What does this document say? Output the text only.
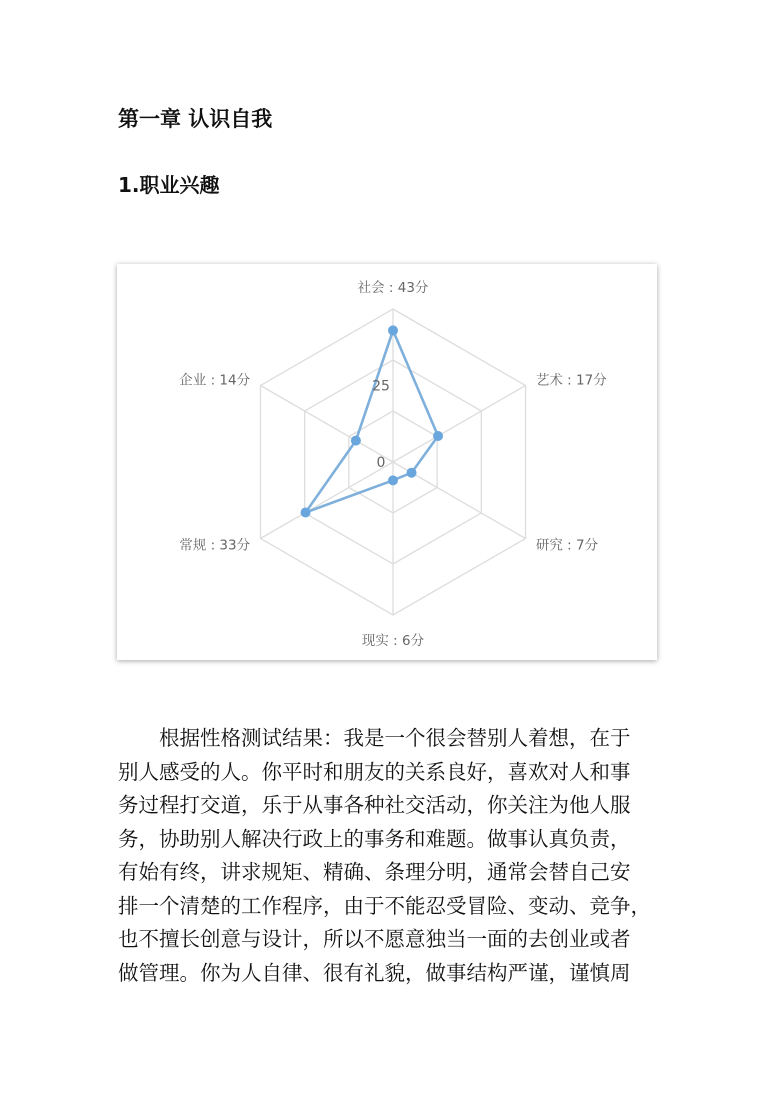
第一章 认识自我
1.职业兴趣
0
25
社会 : 43分
艺术 : 17分
研究 : 7分
现实 : 6分
常规 : 33分
企业 : 14分

根据性格测试结果：我是一个很会替别人着想，在于
别人感受的人。你平时和朋友的关系良好，喜欢对人和事
务过程打交道，乐于从事各种社交活动，你关注为他人服
务，协助别人解决行政上的事务和难题。做事认真负责，
有始有终，讲求规矩、精确、条理分明，通常会替自己安
排一个清楚的工作程序，由于不能忍受冒险、变动、竞争，
也不擅长创意与设计，所以不愿意独当一面的去创业或者
做管理。你为人自律、很有礼貌，做事结构严谨，谨慎周
